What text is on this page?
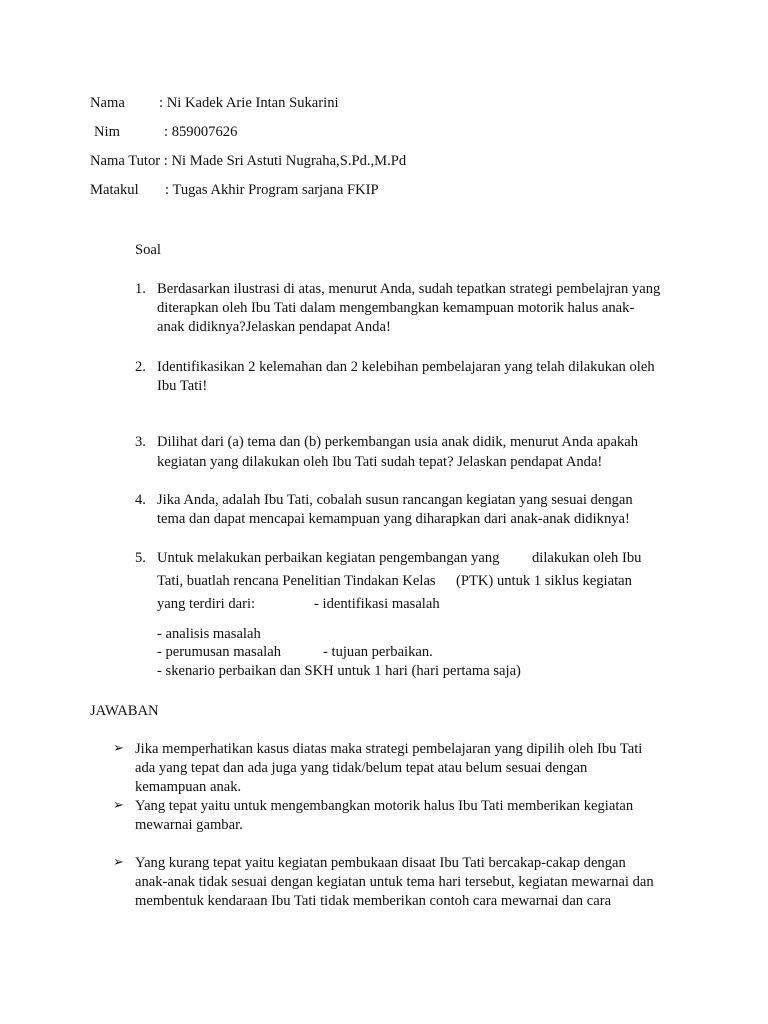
Nama : Ni Kadek Arie Intan Sukarini
Nim	: 859007626
Nama Tutor : Ni Made Sri Astuti Nugraha,S.Pd.,M.Pd
Matakul : Tugas Akhir Program sarjana FKIP
Soal
1. Berdasarkan ilustrasi di atas, menurut Anda, sudah tepatkan strategi pembelajran yang
diterapkan oleh Ibu Tati dalam mengembangkan kemampuan motorik halus anak-
anak didiknya?Jelaskan pendapat Anda!
2. Identifikasikan 2 kelemahan dan 2 kelebihan pembelajaran yang telah dilakukan oleh
Ibu Tati!
3. Dilihat dari (a) tema dan (b) perkembangan usia anak didik, menurut Anda apakah
kegiatan yang dilakukan oleh Ibu Tati sudah tepat? Jelaskan pendapat Anda!
4. Jika Anda, adalah Ibu Tati, cobalah susun rancangan kegiatan yang sesuai dengan
tema dan dapat mencapai kemampuan yang diharapkan dari anak-anak didiknya!
5. Untuk melakukan perbaikan kegiatan pengembangan yang dilakukan oleh Ibu
Tati, buatlah rencana Penelitian Tindakan Kelas (PTK) untuk 1 siklus kegiatan
yang terdiri dari:	- identifikasi masalah
- analisis masalah
- perumusan masalah	- tujuan perbaikan.
- skenario perbaikan dan SKH untuk 1 hari (hari pertama saja)
JAWABAN
➢ Jika memperhatikan kasus diatas maka strategi pembelajaran yang dipilih oleh Ibu Tati
ada yang tepat dan ada juga yang tidak/belum tepat atau belum sesuai dengan
kemampuan anak.
➢ Yang tepat yaitu untuk mengembangkan motorik halus Ibu Tati memberikan kegiatan
mewarnai gambar.
➢ Yang kurang tepat yaitu kegiatan pembukaan disaat Ibu Tati bercakap-cakap dengan
anak-anak tidak sesuai dengan kegiatan untuk tema hari tersebut, kegiatan mewarnai dan
membentuk kendaraan Ibu Tati tidak memberikan contoh cara mewarnai dan cara
